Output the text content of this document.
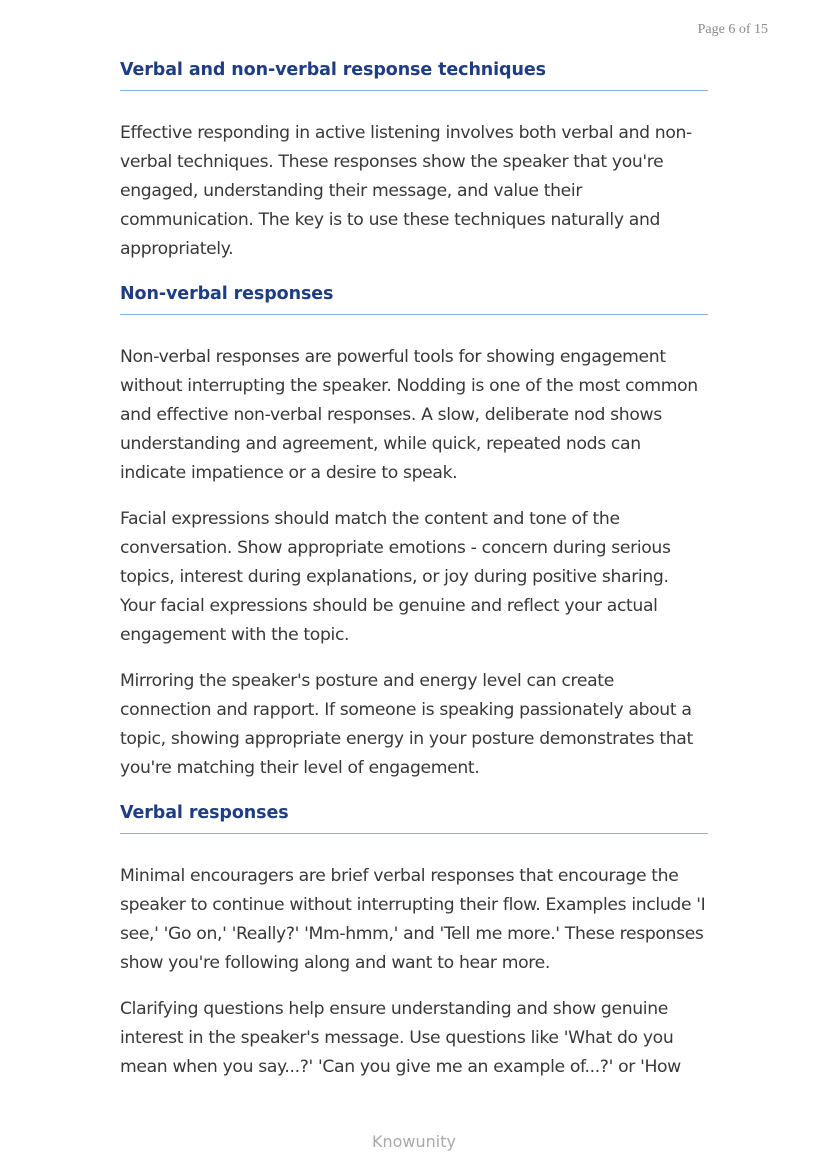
Page 6 of 15
Verbal and non-verbal response techniques

Effective responding in active listening involves both verbal and non-verbal techniques. These responses show the speaker that you're engaged, understanding their message, and value their communication. The key is to use these techniques naturally and appropriately.

Non-verbal responses

Non-verbal responses are powerful tools for showing engagement without interrupting the speaker. Nodding is one of the most common and effective non-verbal responses. A slow, deliberate nod shows understanding and agreement, while quick, repeated nods can indicate impatience or a desire to speak.

Facial expressions should match the content and tone of the conversation. Show appropriate emotions - concern during serious topics, interest during explanations, or joy during positive sharing. Your facial expressions should be genuine and reflect your actual engagement with the topic.

Mirroring the speaker's posture and energy level can create connection and rapport. If someone is speaking passionately about a topic, showing appropriate energy in your posture demonstrates that you're matching their level of engagement.

Verbal responses

Minimal encouragers are brief verbal responses that encourage the speaker to continue without interrupting their flow. Examples include 'I see,' 'Go on,' 'Really?' 'Mm-hmm,' and 'Tell me more.' These responses show you're following along and want to hear more.

Clarifying questions help ensure understanding and show genuine interest in the speaker's message. Use questions like 'What do you mean when you say...?' 'Can you give me an example of...?' or 'How

Knowunity
